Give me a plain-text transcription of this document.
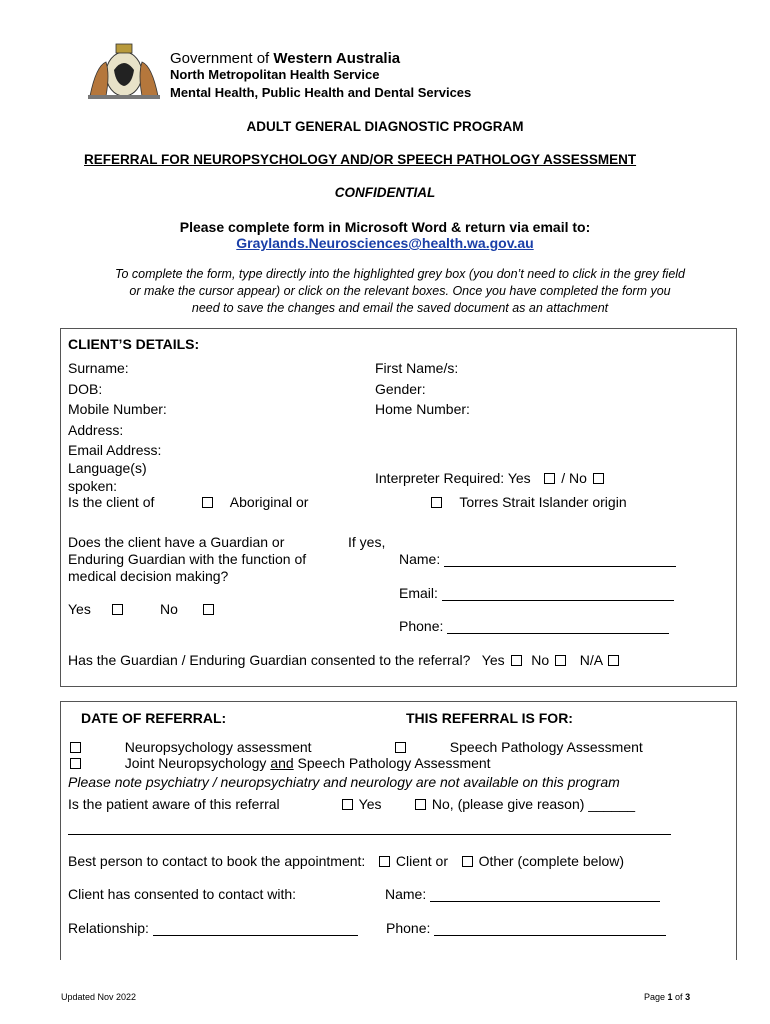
Government of Western Australia
North Metropolitan Health Service
Mental Health, Public Health and Dental Services
ADULT GENERAL DIAGNOSTIC PROGRAM
REFERRAL FOR NEUROPSYCHOLOGY AND/OR SPEECH PATHOLOGY ASSESSMENT
CONFIDENTIAL
Please complete form in Microsoft Word & return via email to:
Graylands.Neurosciences@health.wa.gov.au
To complete the form, type directly into the highlighted grey box (you don’t need to click in the grey field
or make the cursor appear) or click on the relevant boxes. Once you have completed the form you
need to save the changes and email the saved document as an attachment
CLIENT’S DETAILS:
Surname:	First Name/s:
DOB:	Gender:
Mobile Number:	Home Number:
Address:
Email Address:
Language(s)
spoken:	Interpreter Required: Yes / No
Is the client of	Aboriginal or	Torres Strait Islander origin
Does the client have a Guardian or
Enduring Guardian with the function of
medical decision making?
If yes,
Name:
Email:
Phone:
Yes	No
Has the Guardian / Enduring Guardian consented to the referral? Yes No N/A
DATE OF REFERRAL:	THIS REFERRAL IS FOR:
Neuropsychology assessment	Speech Pathology Assessment
Joint Neuropsychology and Speech Pathology Assessment
Please note psychiatry / neuropsychiatry and neurology are not available on this program
Is the patient aware of this referral	Yes	No, (please give reason) ______
Best person to contact to book the appointment: Client or Other (complete below)
Client has consented to contact with:	Name:
Relationship:	Phone:
Updated Nov 2022	Page 1 of 3
